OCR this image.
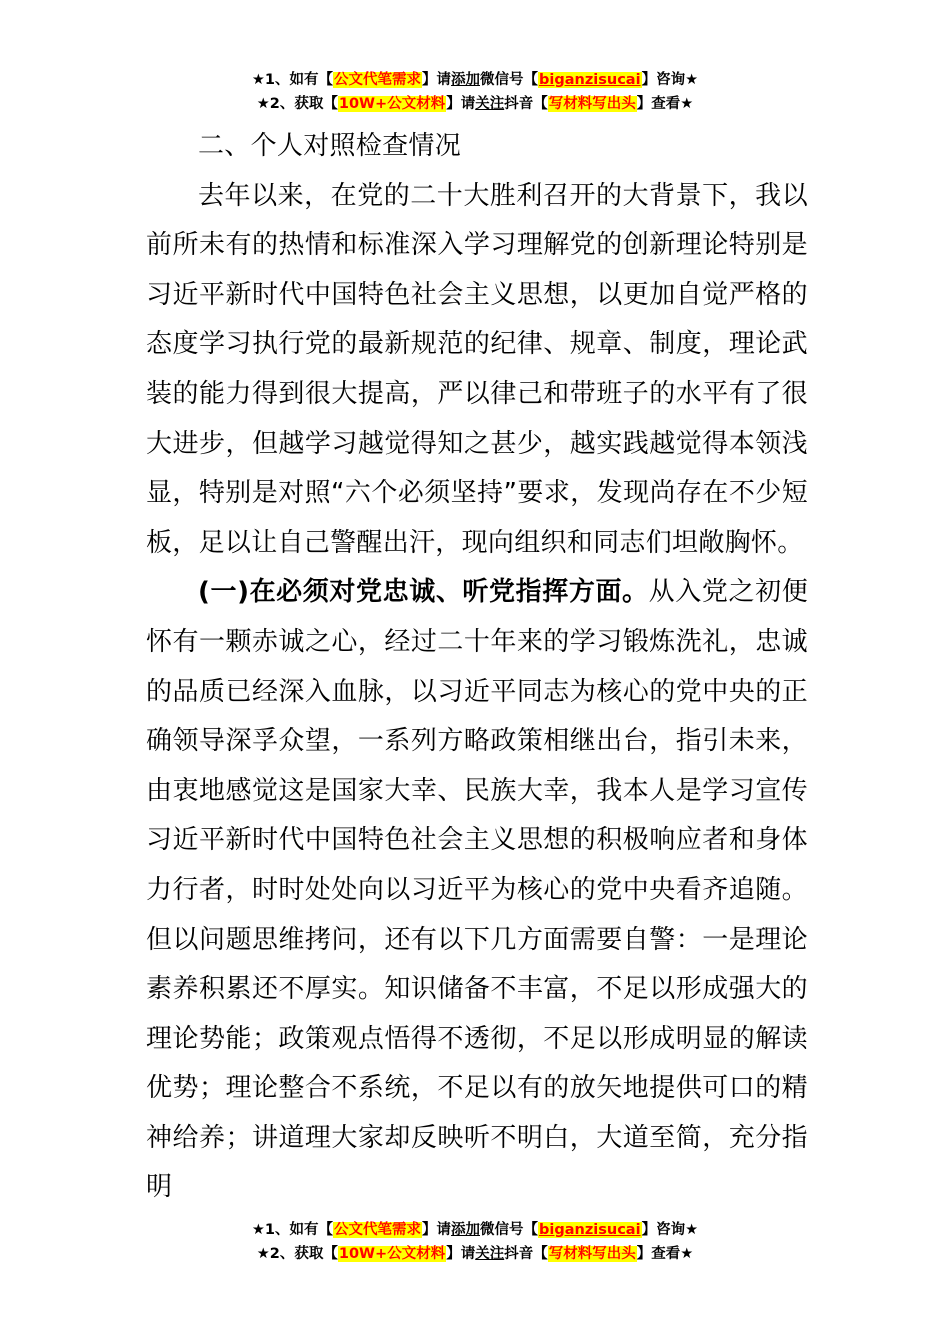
★1、如有【公文代笔需求】请添加微信号【biganzisucai】咨询★
★2、获取【10W+公文材料】请关注抖音【写材料写出头】查看★

二、个人对照检查情况

去年以来，在党的二十大胜利召开的大背景下，我以前所未有的热情和标准深入学习理解党的创新理论特别是习近平新时代中国特色社会主义思想，以更加自觉严格的态度学习执行党的最新规范的纪律、规章、制度，理论武装的能力得到很大提高，严以律己和带班子的水平有了很大进步，但越学习越觉得知之甚少，越实践越觉得本领浅显，特别是对照“六个必须坚持”要求，发现尚存在不少短板，足以让自己警醒出汗，现向组织和同志们坦敞胸怀。

(一)在必须对党忠诚、听党指挥方面。从入党之初便怀有一颗赤诚之心，经过二十年来的学习锻炼洗礼，忠诚的品质已经深入血脉，以习近平同志为核心的党中央的正确领导深孚众望，一系列方略政策相继出台，指引未来，由衷地感觉这是国家大幸、民族大幸，我本人是学习宣传习近平新时代中国特色社会主义思想的积极响应者和身体力行者，时时处处向以习近平为核心的党中央看齐追随。但以问题思维拷问，还有以下几方面需要自警：一是理论素养积累还不厚实。知识储备不丰富，不足以形成强大的理论势能；政策观点悟得不透彻，不足以形成明显的解读优势；理论整合不系统，不足以有的放矢地提供可口的精神给养；讲道理大家却反映听不明白，大道至简，充分指明

★1、如有【公文代笔需求】请添加微信号【biganzisucai】咨询★
★2、获取【10W+公文材料】请关注抖音【写材料写出头】查看★
